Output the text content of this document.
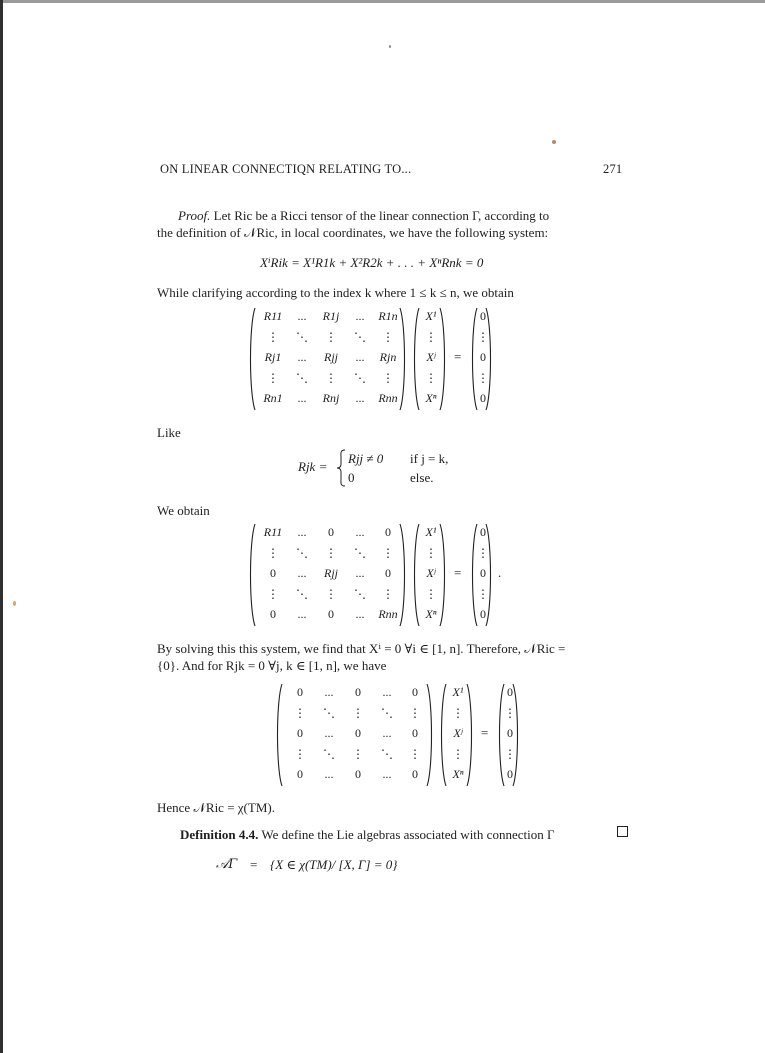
ON LINEAR CONNECTIQN RELATING TO...	271
Proof. Let Ric be a Ricci tensor of the linear connection Γ, according to
the definition of 𝒩Ric, in local coordinates, we have the following system:
XⁱRik = X¹R1k + X²R2k + . . . + XⁿRnk = 0
While clarifying according to the index k where 1 ≤ k ≤ n, we obtain
R11	...	R1j	...	R1n
⋮	⋱	⋮	⋱	⋮
Rj1	...	Rjj	...	Rjn
⋮	⋱	⋮	⋱	⋮
Rn1	...	Rnj	...	Rnn
X¹
⋮
Xʲ
⋮
Xⁿ
=
0
⋮
0
⋮
0
Like
Rjk =
Rjj ≠ 0 if j = k,
0	else.
We obtain
R11	...	0	...	0
⋮	⋱	⋮	⋱	⋮
0	...	Rjj	...	0
⋮	⋱	⋮	⋱	⋮
0	...	0	...	Rnn
X¹
⋮
Xʲ
⋮
Xⁿ
=
0
⋮
0
⋮
0
.
By solving this this system, we find that Xⁱ = 0 ∀i ∈ [1, n]. Therefore, 𝒩Ric =
{0}. And for Rjk = 0 ∀j, k ∈ [1, n], we have
0	...	0	...	0
⋮	⋱	⋮	⋱	⋮
0	...	0	...	0
⋮	⋱	⋮	⋱	⋮
0	...	0	...	0
X¹
⋮
Xʲ
⋮
Xⁿ
=
0
⋮
0
⋮
0
Hence 𝒩Ric = χ(TM).
Definition 4.4. We define the Lie algebras associated with connection Γ
𝒜Γ = {X ∈ χ(TM)/ [X, Γ] = 0}
